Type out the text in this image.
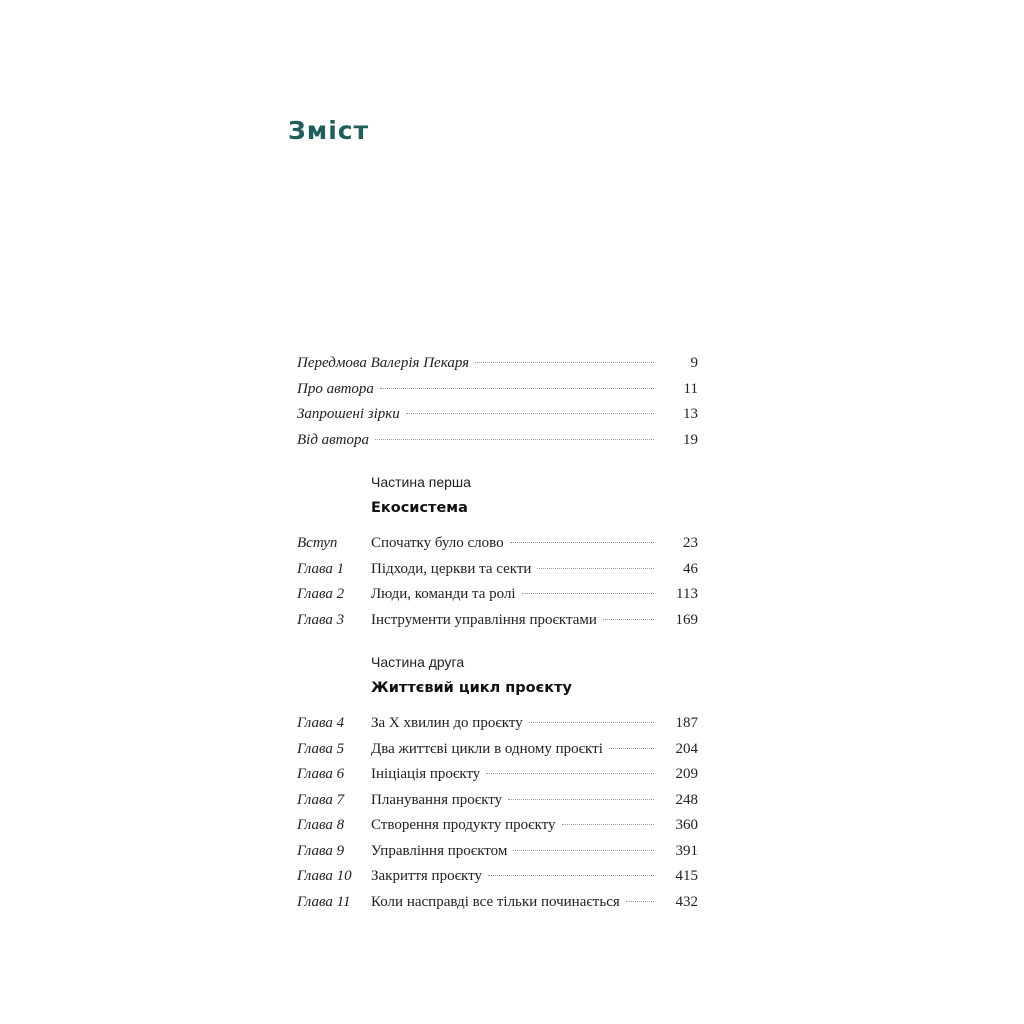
Зміст
Передмова Валерія Пекаря	9
Про автора	11
Запрошені зірки	13
Від автора	19
Частина перша
Екосистема
Вступ	Спочатку було слово	23
Глава 1	Підходи, церкви та секти	46
Глава 2	Люди, команди та ролі	113
Глава 3	Інструменти управління проєктами	169
Частина друга
Життєвий цикл проєкту
Глава 4	За X хвилин до проєкту	187
Глава 5	Два життєві цикли в одному проєкті	204
Глава 6	Ініціація проєкту	209
Глава 7	Планування проєкту	248
Глава 8	Створення продукту проєкту	360
Глава 9	Управління проєктом	391
Глава 10	Закриття проєкту	415
Глава 11	Коли насправді все тільки починається	432
